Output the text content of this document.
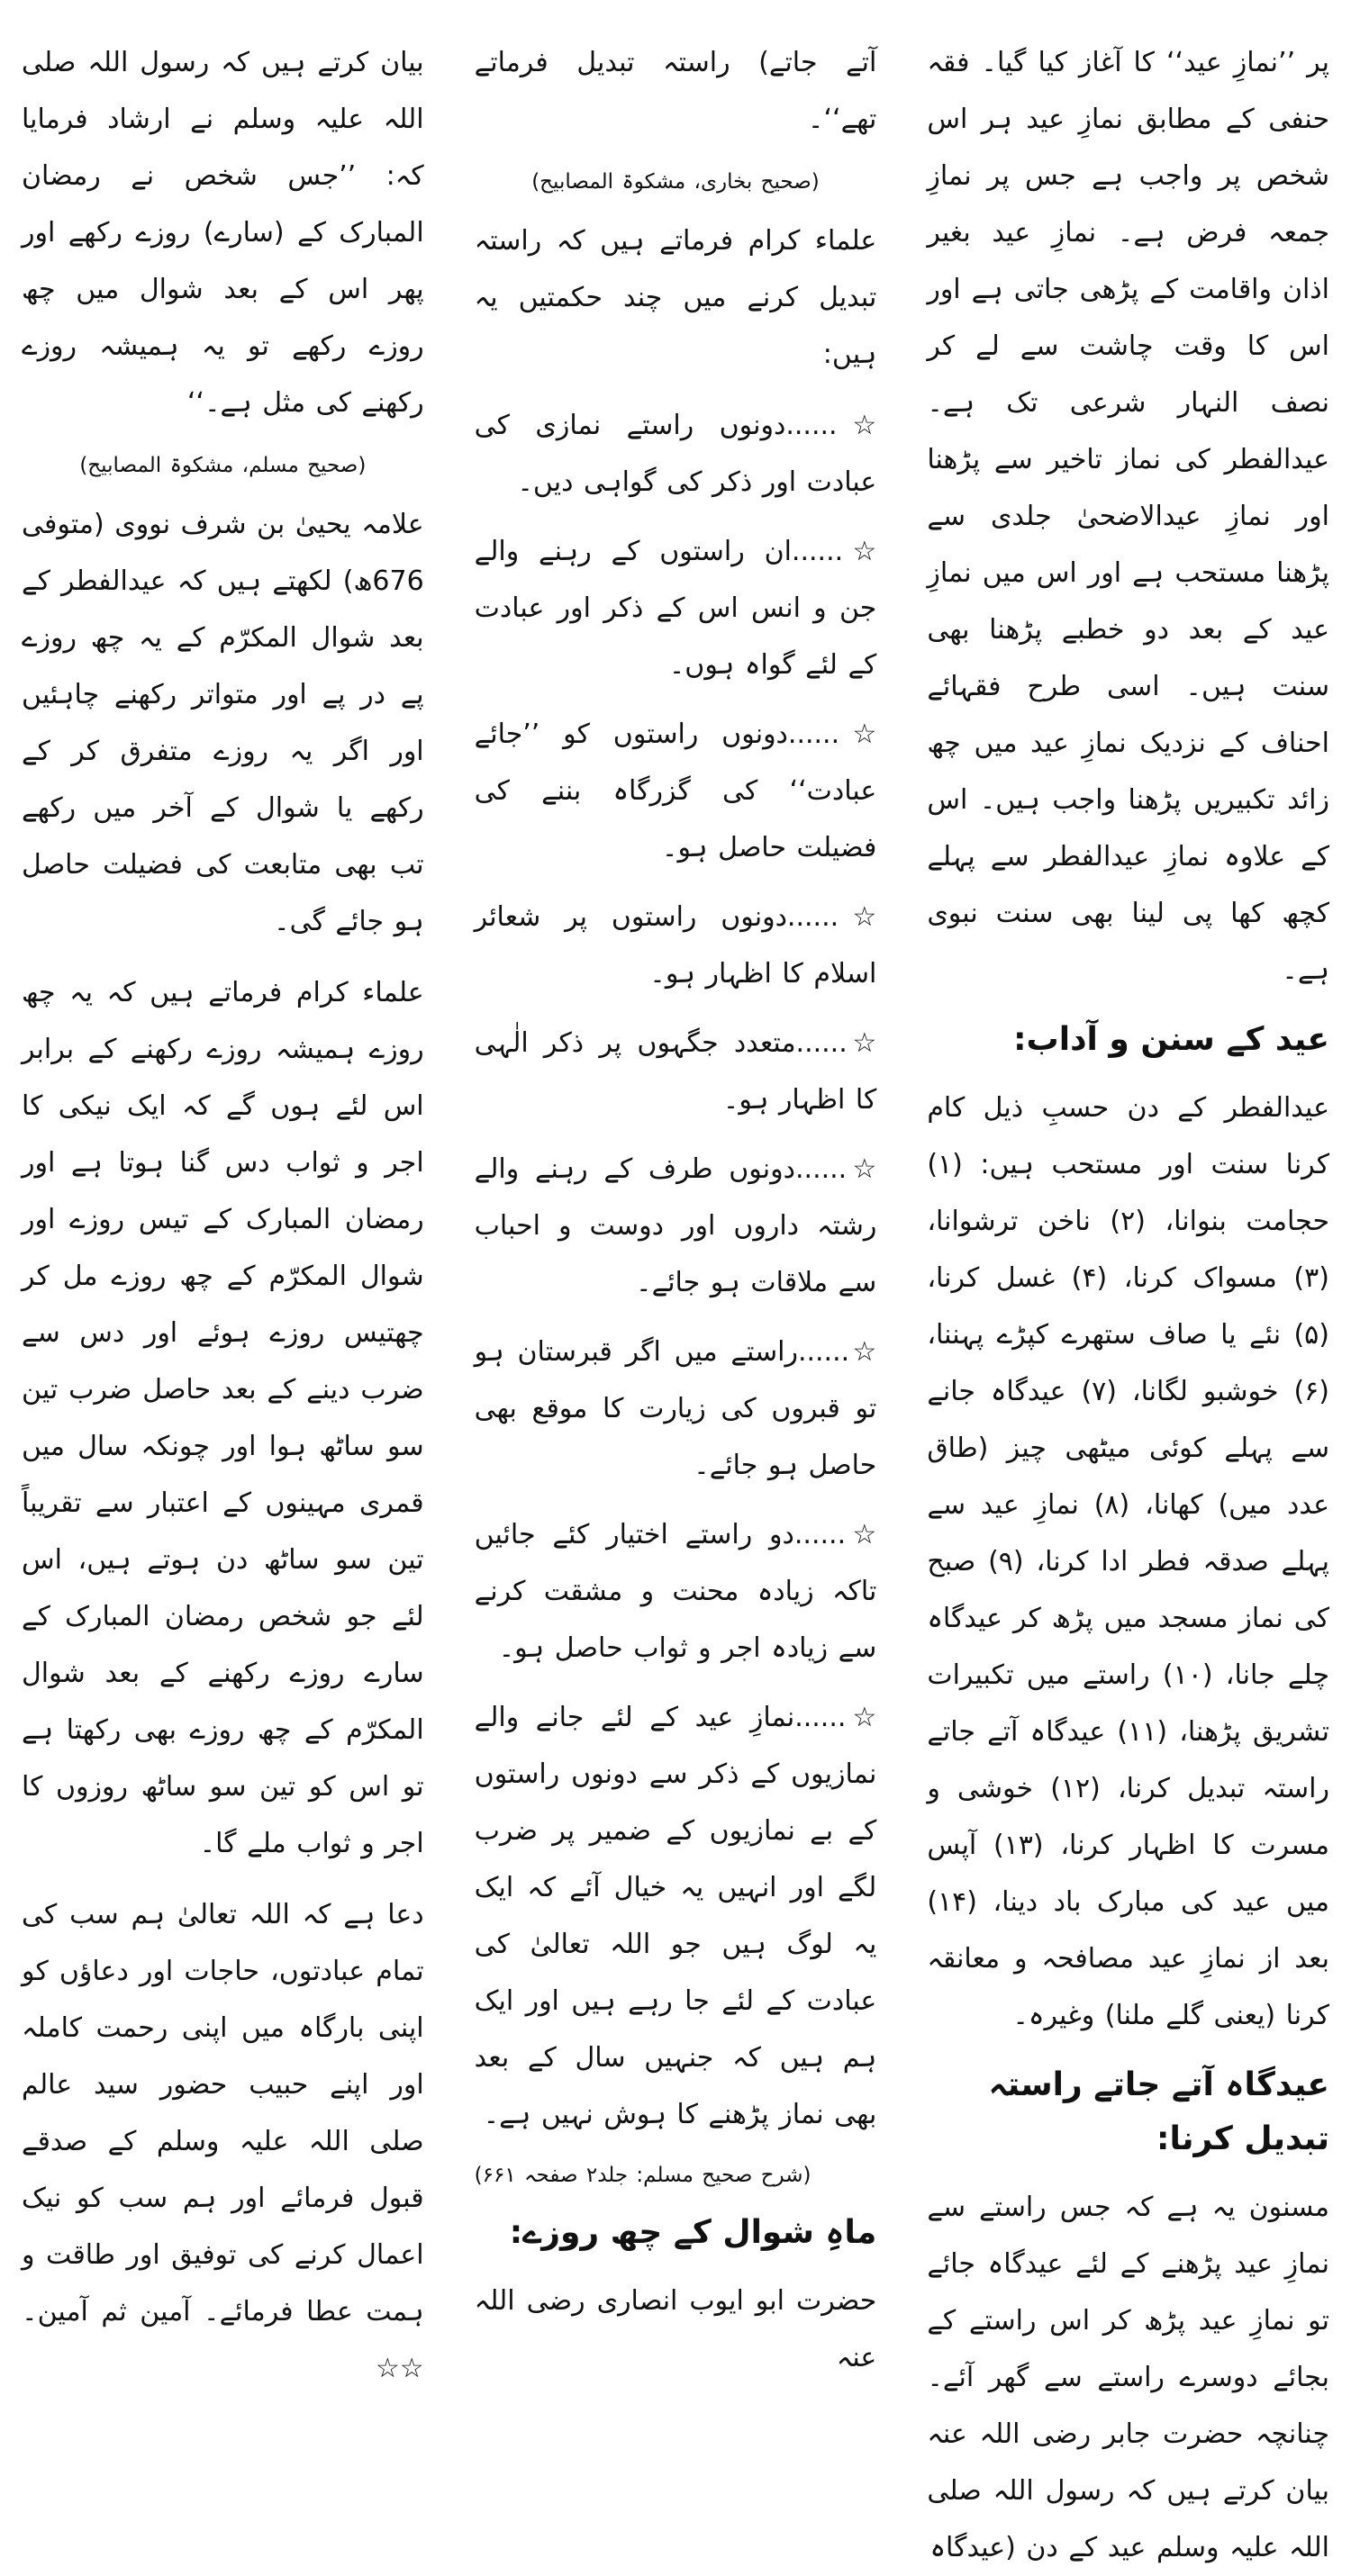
پر ’’نمازِ عید‘‘ کا آغاز کیا گیا۔ فقہ حنفی کے مطابق نمازِ عید ہر اس شخص پر واجب ہے جس پر نمازِ جمعہ فرض ہے۔ نمازِ عید بغیر اذان واقامت کے پڑھی جاتی ہے اور اس کا وقت چاشت سے لے کر نصف النہار شرعی تک ہے۔ عیدالفطر کی نماز تاخیر سے پڑھنا اور نمازِ عیدالاضحیٰ جلدی سے پڑھنا مستحب ہے اور اس میں نمازِ عید کے بعد دو خطبے پڑھنا بھی سنت ہیں۔ اسی طرح فقہائے احناف کے نزدیک نمازِ عید میں چھ زائد تکبیریں پڑھنا واجب ہیں۔ اس کے علاوہ نمازِ عیدالفطر سے پہلے کچھ کھا پی لینا بھی سنت نبوی ہے۔

عید کے سنن و آداب:

عیدالفطر کے دن حسبِ ذیل کام کرنا سنت اور مستحب ہیں: (۱) حجامت بنوانا، (۲) ناخن ترشوانا، (۳) مسواک کرنا، (۴) غسل کرنا، (۵) نئے یا صاف ستھرے کپڑے پہننا، (۶) خوشبو لگانا، (۷) عیدگاہ جانے سے پہلے کوئی میٹھی چیز (طاق عدد میں) کھانا، (۸) نمازِ عید سے پہلے صدقہ فطر ادا کرنا، (۹) صبح کی نماز مسجد میں پڑھ کر عیدگاہ چلے جانا، (۱۰) راستے میں تکبیرات تشریق پڑھنا، (۱۱) عیدگاہ آتے جاتے راستہ تبدیل کرنا، (۱۲) خوشی و مسرت کا اظہار کرنا، (۱۳) آپس میں عید کی مبارک باد دینا، (۱۴) بعد از نمازِ عید مصافحہ و معانقہ کرنا (یعنی گلے ملنا) وغیرہ۔

عیدگاہ آتے جاتے راستہ تبدیل کرنا:

مسنون یہ ہے کہ جس راستے سے نمازِ عید پڑھنے کے لئے عیدگاہ جائے تو نمازِ عید پڑھ کر اس راستے کے بجائے دوسرے راستے سے گھر آئے۔ چنانچہ حضرت جابر رضی اللہ عنہ بیان کرتے ہیں کہ رسول اللہ صلی اللہ علیہ وسلم عید کے دن (عیدگاہ

آتے جاتے) راستہ تبدیل فرماتے تھے‘‘۔

(صحیح بخاری، مشکوۃ المصابیح)

علماء کرام فرماتے ہیں کہ راستہ تبدیل کرنے میں چند حکمتیں یہ ہیں:

☆......دونوں راستے نمازی کی عبادت اور ذکر کی گواہی دیں۔

☆......ان راستوں کے رہنے والے جن و انس اس کے ذکر اور عبادت کے لئے گواہ ہوں۔

☆......دونوں راستوں کو ’’جائے عبادت‘‘ کی گزرگاہ بننے کی فضیلت حاصل ہو۔

☆......دونوں راستوں پر شعائر اسلام کا اظہار ہو۔

☆......متعدد جگہوں پر ذکر الٰہی کا اظہار ہو۔

☆......دونوں طرف کے رہنے والے رشتہ داروں اور دوست و احباب سے ملاقات ہو جائے۔

☆......راستے میں اگر قبرستان ہو تو قبروں کی زیارت کا موقع بھی حاصل ہو جائے۔

☆......دو راستے اختیار کئے جائیں تاکہ زیادہ محنت و مشقت کرنے سے زیادہ اجر و ثواب حاصل ہو۔

☆......نمازِ عید کے لئے جانے والے نمازیوں کے ذکر سے دونوں راستوں کے بے نمازیوں کے ضمیر پر ضرب لگے اور انہیں یہ خیال آئے کہ ایک یہ لوگ ہیں جو اللہ تعالیٰ کی عبادت کے لئے جا رہے ہیں اور ایک ہم ہیں کہ جنہیں سال کے بعد بھی نماز پڑھنے کا ہوش نہیں ہے۔

(شرح صحیح مسلم: جلد۲ صفحہ ۶۶۱)

ماہِ شوال کے چھ روزے:

حضرت ابو ایوب انصاری رضی اللہ عنہ

بیان کرتے ہیں کہ رسول اللہ صلی اللہ علیہ وسلم نے ارشاد فرمایا کہ: ’’جس شخص نے رمضان المبارک کے (سارے) روزے رکھے اور پھر اس کے بعد شوال میں چھ روزے رکھے تو یہ ہمیشہ روزے رکھنے کی مثل ہے۔‘‘

(صحیح مسلم، مشکوۃ المصابیح)

علامہ یحییٰ بن شرف نووی (متوفی 676ھ) لکھتے ہیں کہ عیدالفطر کے بعد شوال المکرّم کے یہ چھ روزے پے در پے اور متواتر رکھنے چاہئیں اور اگر یہ روزے متفرق کر کے رکھے یا شوال کے آخر میں رکھے تب بھی متابعت کی فضیلت حاصل ہو جائے گی۔

علماء کرام فرماتے ہیں کہ یہ چھ روزے ہمیشہ روزے رکھنے کے برابر اس لئے ہوں گے کہ ایک نیکی کا اجر و ثواب دس گنا ہوتا ہے اور رمضان المبارک کے تیس روزے اور شوال المکرّم کے چھ روزے مل کر چھتیس روزے ہوئے اور دس سے ضرب دینے کے بعد حاصل ضرب تین سو ساٹھ ہوا اور چونکہ سال میں قمری مہینوں کے اعتبار سے تقریباً تین سو ساٹھ دن ہوتے ہیں، اس لئے جو شخص رمضان المبارک کے سارے روزے رکھنے کے بعد شوال المکرّم کے چھ روزے بھی رکھتا ہے تو اس کو تین سو ساٹھ روزوں کا اجر و ثواب ملے گا۔

دعا ہے کہ اللہ تعالیٰ ہم سب کی تمام عبادتوں، حاجات اور دعاؤں کو اپنی بارگاہ میں اپنی رحمت کاملہ اور اپنے حبیب حضور سید عالم صلی اللہ علیہ وسلم کے صدقے قبول فرمائے اور ہم سب کو نیک اعمال کرنے کی توفیق اور طاقت و ہمت عطا فرمائے۔ آمین ثم آمین۔ ☆☆
